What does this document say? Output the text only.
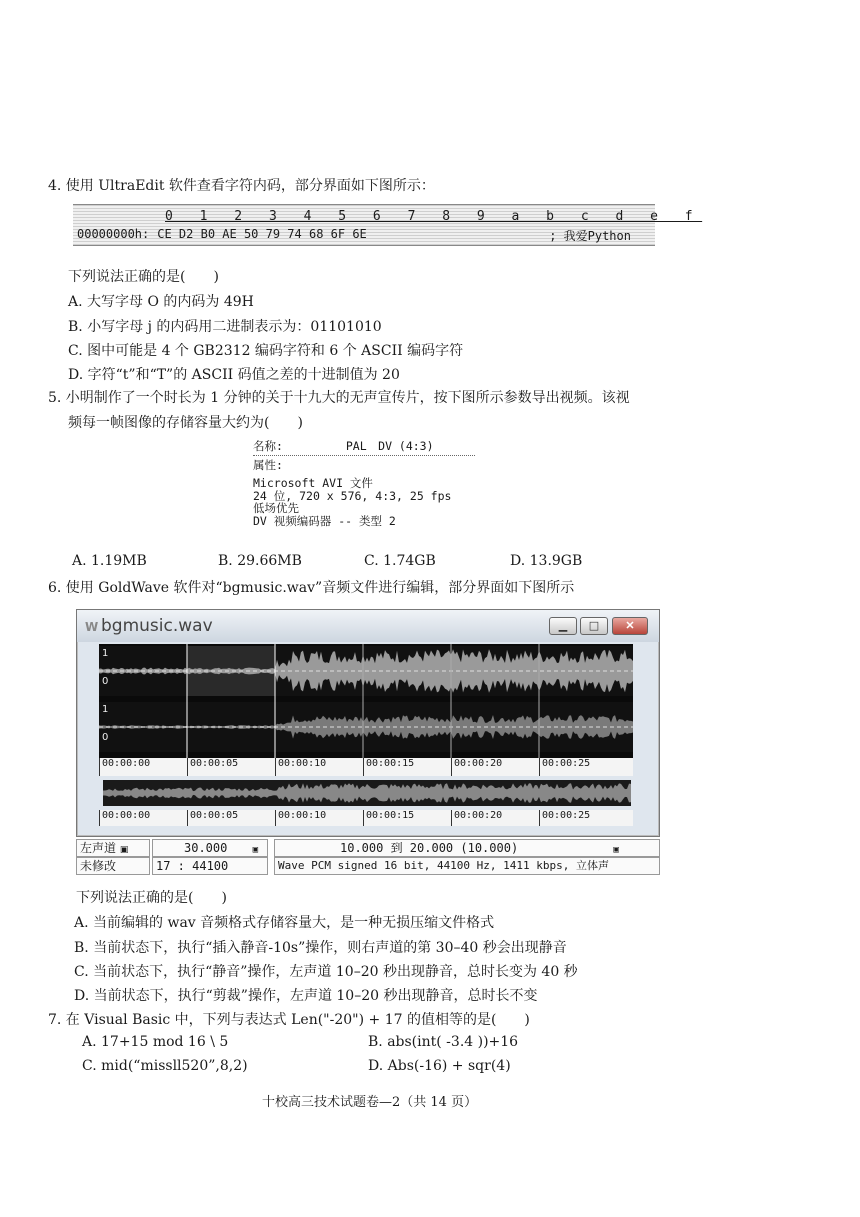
4. 使用 UltraEdit 软件查看字符内码，部分界面如下图所示：
0 1 2 3 4 5 6 7 8 9 a b c d e f
00000000h: CE D2 B0 AE 50 79 74 68 6F 6E	; 我爱Python
下列说法正确的是(　　)
A. 大写字母 O 的内码为 49H
B. 小写字母 j 的内码用二进制表示为：01101010
C. 图中可能是 4 个 GB2312 编码字符和 6 个 ASCII 编码字符
D. 字符“t”和“T”的 ASCII 码值之差的十进制值为 20
5. 小明制作了一个时长为 1 分钟的关于十九大的无声宣传片，按下图所示参数导出视频。该视
频每一帧图像的存储容量大约为(　　)
名称:	PAL　DV (4:3)
属性:
Microsoft AVI 文件
24 位, 720 x 576, 4:3, 25 fps
低场优先
DV 视频编码器 -- 类型 2
A. 1.19MB	B. 29.66MB	C. 1.74GB	D. 13.9GB
6. 使用 GoldWave 软件对“bgmusic.wav”音频文件进行编辑，部分界面如下图所示
W bgmusic.wav	▁	□	✕
1
0
1
0
00:00:00	00:00:05	00:00:10	00:00:15	00:00:20	00:00:25
00:00:00	00:00:05	00:00:10	00:00:15	00:00:20	00:00:25
左声道 ▣	30.000	▣	10.000 到 20.000 (10.000)	▣
未修改	17 : 44100	Wave PCM signed 16 bit, 44100 Hz, 1411 kbps, 立体声
下列说法正确的是(　　)
A. 当前编辑的 wav 音频格式存储容量大，是一种无损压缩文件格式
B. 当前状态下，执行“插入静音-10s”操作，则右声道的第 30–40 秒会出现静音
C. 当前状态下，执行“静音”操作，左声道 10–20 秒出现静音，总时长变为 40 秒
D. 当前状态下，执行“剪裁”操作，左声道 10–20 秒出现静音，总时长不变
7. 在 Visual Basic 中，下列与表达式 Len("-20") + 17 的值相等的是(　　)
A. 17+15 mod 16 \ 5	B. abs(int( -3.4 ))+16
C. mid(“missll520”,8,2)	D. Abs(-16) + sqr(4)
十校高三技术试题卷—2（共 14 页）
